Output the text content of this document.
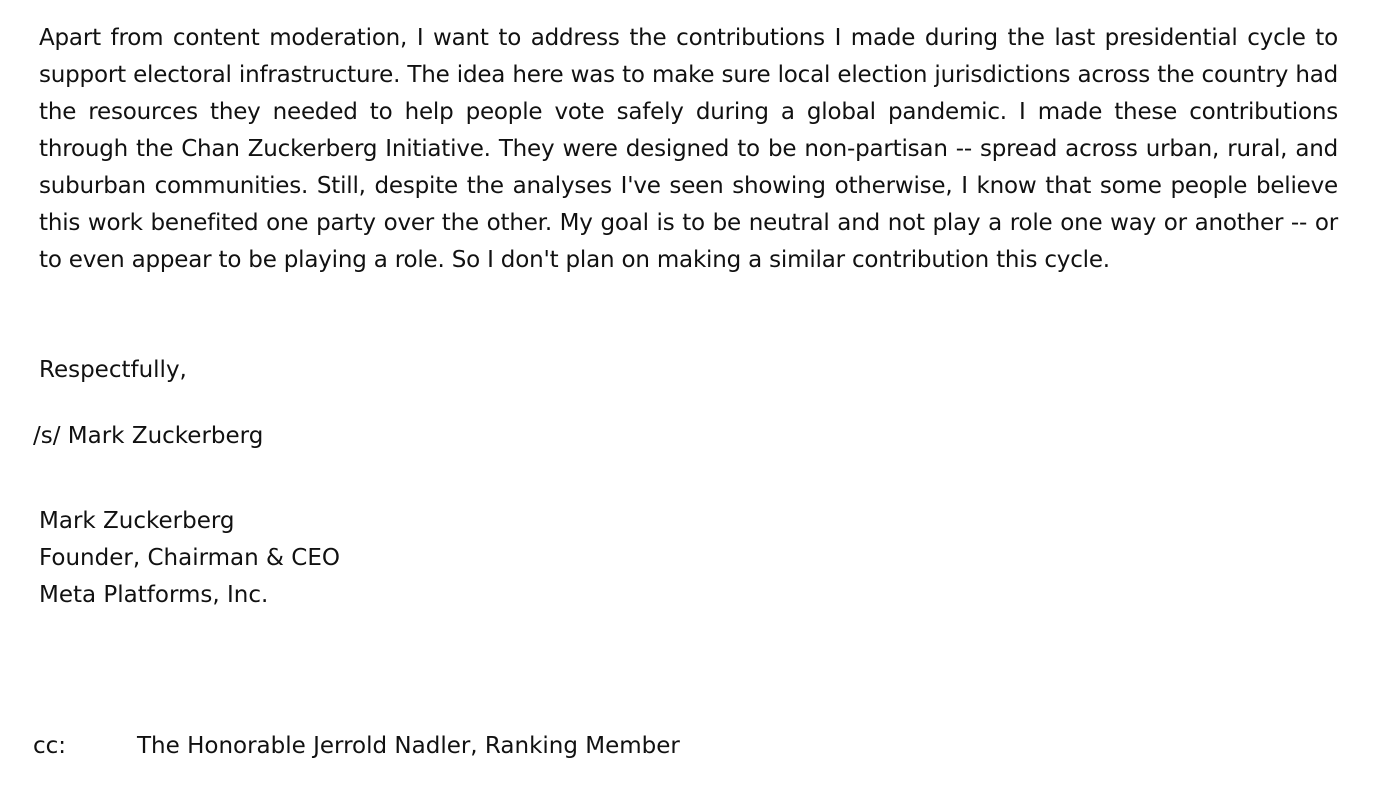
Apart from content moderation, I want to address the contributions I made during the last presidential cycle to support electoral infrastructure. The idea here was to make sure local election jurisdictions across the country had the resources they needed to help people vote safely during a global pandemic. I made these contributions through the Chan Zuckerberg Initiative. They were designed to be non-partisan -- spread across urban, rural, and suburban communities. Still, despite the analyses I've seen showing otherwise, I know that some people believe this work benefited one party over the other. My goal is to be neutral and not play a role one way or another -- or to even appear to be playing a role. So I don't plan on making a similar contribution this cycle.

Respectfully,

/s/ Mark Zuckerberg

Mark Zuckerberg
Founder, Chairman & CEO
Meta Platforms, Inc.

cc:	The Honorable Jerrold Nadler, Ranking Member
